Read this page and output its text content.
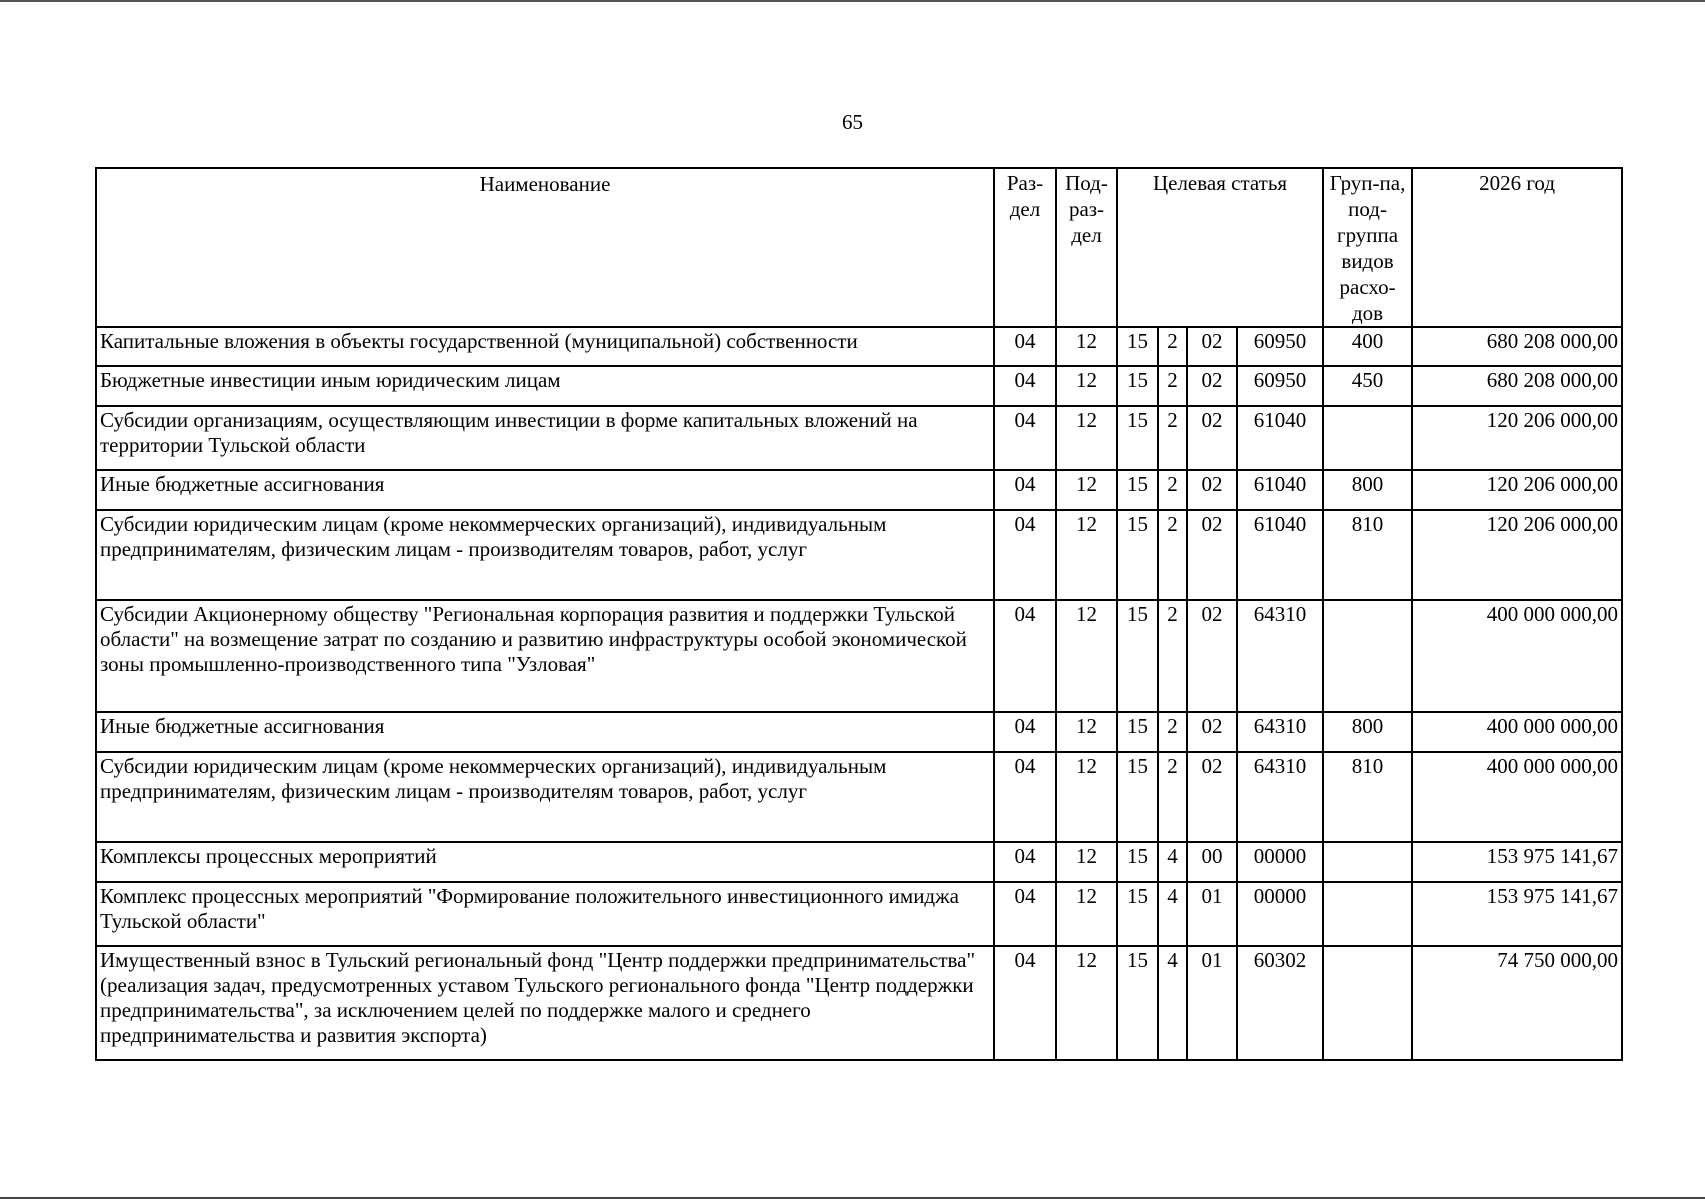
65
Наименование	Раз-дел	Под-раз-дел	Целевая статья				Груп-па, под-группа видов расхо-дов	2026 год
Капитальные вложения в объекты государственной (муниципальной) собственности	04	12	15	2	02	60950	400	680 208 000,00
Бюджетные инвестиции иным юридическим лицам	04	12	15	2	02	60950	450	680 208 000,00
Субсидии организациям, осуществляющим инвестиции в форме капитальных вложений на территории Тульской области	04	12	15	2	02	61040		120 206 000,00
Иные бюджетные ассигнования	04	12	15	2	02	61040	800	120 206 000,00
Субсидии юридическим лицам (кроме некоммерческих организаций), индивидуальным предпринимателям, физическим лицам - производителям товаров, работ, услуг	04	12	15	2	02	61040	810	120 206 000,00
Субсидии Акционерному обществу "Региональная корпорация развития и поддержки Тульской области" на возмещение затрат по созданию и развитию инфраструктуры особой экономической зоны промышленно-производственного типа "Узловая"	04	12	15	2	02	64310		400 000 000,00
Иные бюджетные ассигнования	04	12	15	2	02	64310	800	400 000 000,00
Субсидии юридическим лицам (кроме некоммерческих организаций), индивидуальным предпринимателям, физическим лицам - производителям товаров, работ, услуг	04	12	15	2	02	64310	810	400 000 000,00
Комплексы процессных мероприятий	04	12	15	4	00	00000		153 975 141,67
Комплекс процессных мероприятий "Формирование положительного инвестиционного имиджа Тульской области"	04	12	15	4	01	00000		153 975 141,67
Имущественный взнос в Тульский региональный фонд "Центр поддержки предпринимательства" (реализация задач, предусмотренных уставом Тульского регионального фонда "Центр поддержки предпринимательства", за исключением целей по поддержке малого и среднего предпринимательства и развития экспорта)	04	12	15	4	01	60302		74 750 000,00
